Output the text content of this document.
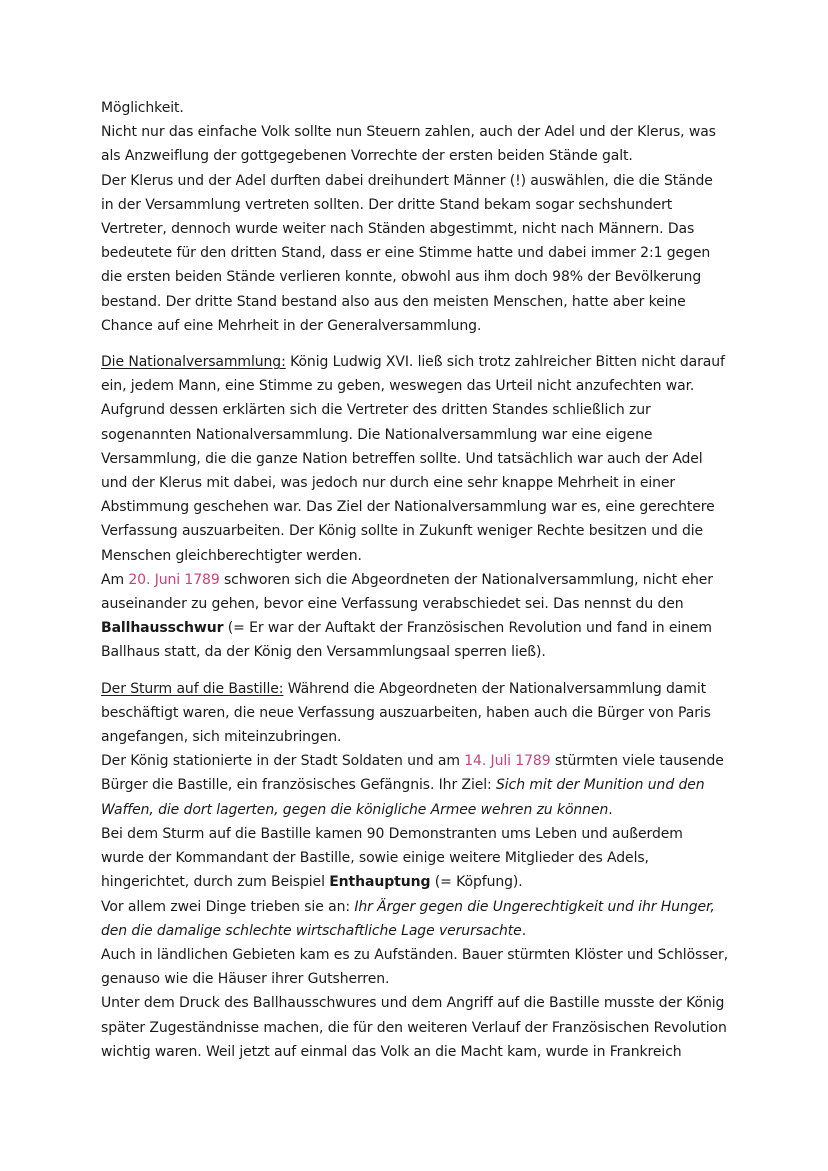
Möglichkeit.
Nicht nur das einfache Volk sollte nun Steuern zahlen, auch der Adel und der Klerus, was
als Anzweiflung der gottgegebenen Vorrechte der ersten beiden Stände galt.
Der Klerus und der Adel durften dabei dreihundert Männer (!) auswählen, die die Stände
in der Versammlung vertreten sollten. Der dritte Stand bekam sogar sechshundert
Vertreter, dennoch wurde weiter nach Ständen abgestimmt, nicht nach Männern. Das
bedeutete für den dritten Stand, dass er eine Stimme hatte und dabei immer 2:1 gegen
die ersten beiden Stände verlieren konnte, obwohl aus ihm doch 98% der Bevölkerung
bestand. Der dritte Stand bestand also aus den meisten Menschen, hatte aber keine
Chance auf eine Mehrheit in der Generalversammlung.
Die Nationalversammlung: König Ludwig XVI. ließ sich trotz zahlreicher Bitten nicht darauf
ein, jedem Mann, eine Stimme zu geben, weswegen das Urteil nicht anzufechten war.
Aufgrund dessen erklärten sich die Vertreter des dritten Standes schließlich zur
sogenannten Nationalversammlung. Die Nationalversammlung war eine eigene
Versammlung, die die ganze Nation betreffen sollte. Und tatsächlich war auch der Adel
und der Klerus mit dabei, was jedoch nur durch eine sehr knappe Mehrheit in einer
Abstimmung geschehen war. Das Ziel der Nationalversammlung war es, eine gerechtere
Verfassung auszuarbeiten. Der König sollte in Zukunft weniger Rechte besitzen und die
Menschen gleichberechtigter werden.
Am 20. Juni 1789 schworen sich die Abgeordneten der Nationalversammlung, nicht eher
auseinander zu gehen, bevor eine Verfassung verabschiedet sei. Das nennst du den
Ballhausschwur (= Er war der Auftakt der Französischen Revolution und fand in einem
Ballhaus statt, da der König den Versammlungsaal sperren ließ).
Der Sturm auf die Bastille: Während die Abgeordneten der Nationalversammlung damit
beschäftigt waren, die neue Verfassung auszuarbeiten, haben auch die Bürger von Paris
angefangen, sich miteinzubringen.
Der König stationierte in der Stadt Soldaten und am 14. Juli 1789 stürmten viele tausende
Bürger die Bastille, ein französisches Gefängnis. Ihr Ziel: Sich mit der Munition und den
Waffen, die dort lagerten, gegen die königliche Armee wehren zu können.
Bei dem Sturm auf die Bastille kamen 90 Demonstranten ums Leben und außerdem
wurde der Kommandant der Bastille, sowie einige weitere Mitglieder des Adels,
hingerichtet, durch zum Beispiel Enthauptung (= Köpfung).
Vor allem zwei Dinge trieben sie an: Ihr Ärger gegen die Ungerechtigkeit und ihr Hunger,
den die damalige schlechte wirtschaftliche Lage verursachte.
Auch in ländlichen Gebieten kam es zu Aufständen. Bauer stürmten Klöster und Schlösser,
genauso wie die Häuser ihrer Gutsherren.
Unter dem Druck des Ballhausschwures und dem Angriff auf die Bastille musste der König
später Zugeständnisse machen, die für den weiteren Verlauf der Französischen Revolution
wichtig waren. Weil jetzt auf einmal das Volk an die Macht kam, wurde in Frankreich
